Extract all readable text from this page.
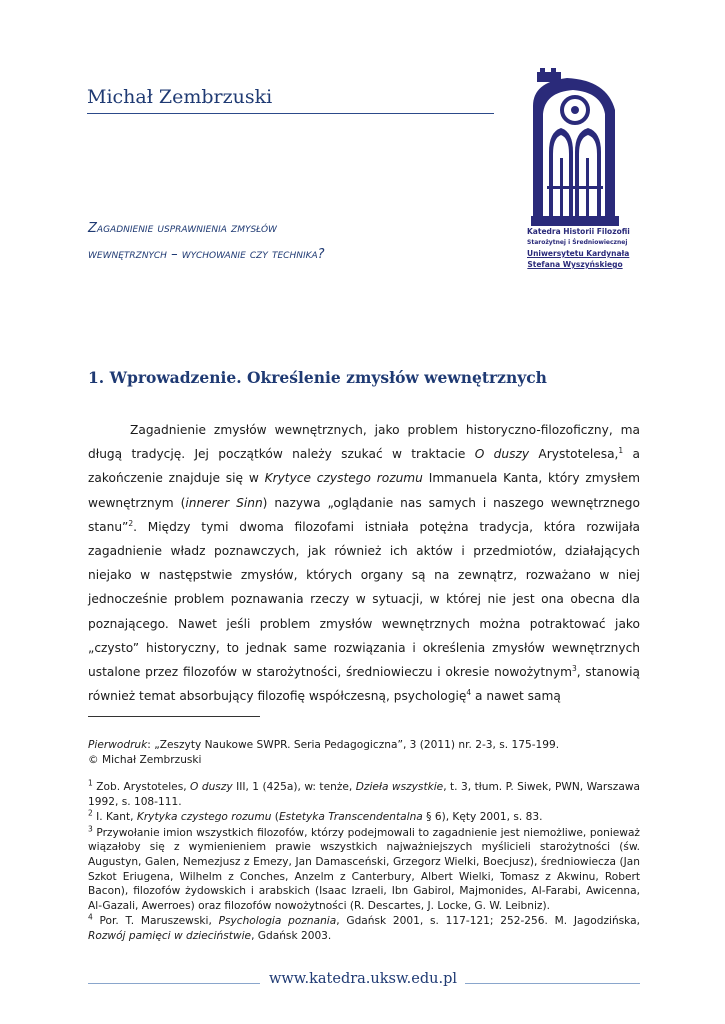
Michał Zembrzuski
Katedra Historii Filozofii
Starożytnej i Średniowiecznej
Uniwersytetu Kardynała
Stefana Wyszyńskiego
Zagadnienie usprawnienia zmysłów
wewnętrznych – wychowanie czy technika?
1. Wprowadzenie. Określenie zmysłów wewnętrznych
Zagadnienie zmysłów wewnętrznych, jako problem historyczno-filozoficzny, ma długą tradycję. Jej początków należy szukać w traktacie O duszy Arystotelesa,$^1$ a zakończenie znajduje się w Krytyce czystego rozumu Immanuela Kanta, który zmysłem wewnętrznym (innerer Sinn) nazywa „oglądanie nas samych i naszego wewnętrznego stanu”$^2$. Między tymi dwoma filozofami istniała potężna tradycja, która rozwijała zagadnienie władz poznawczych, jak również ich aktów i przedmiotów, działających niejako w następstwie zmysłów, których organy są na zewnątrz, rozważano w niej jednocześnie problem poznawania rzeczy w sytuacji, w której nie jest ona obecna dla poznającego. Nawet jeśli problem zmysłów wewnętrznych można potraktować jako „czysto” historyczny, to jednak same rozwiązania i określenia zmysłów wewnętrznych ustalone przez filozofów w starożytności, średniowieczu i okresie nowożytnym$^3$, stanowią również temat absorbujący filozofię współczesną, psychologię$^4$ a nawet samą
Pierwodruk: „Zeszyty Naukowe SWPR. Seria Pedagogiczna”, 3 (2011) nr. 2-3, s. 175-199.
© Michał Zembrzuski

$^1$ Zob. Arystoteles, O duszy III, 1 (425a), w: tenże, Dzieła wszystkie, t. 3, tłum. P. Siwek, PWN, Warszawa 1992, s. 108-111.

$^2$ I. Kant, Krytyka czystego rozumu (Estetyka Transcendentalna § 6), Kęty 2001, s. 83.

$^3$ Przywołanie imion wszystkich filozofów, którzy podejmowali to zagadnienie jest niemożliwe, ponieważ wiązałoby się z wymienieniem prawie wszystkich najważniejszych myślicieli starożytności (św. Augustyn, Galen, Nemezjusz z Emezy, Jan Damasceński, Grzegorz Wielki, Boecjusz), średniowiecza (Jan Szkot Eriugena, Wilhelm z Conches, Anzelm z Canterbury, Albert Wielki, Tomasz z Akwinu, Robert Bacon), filozofów żydowskich i arabskich (Isaac Izraeli, Ibn Gabirol, Majmonides, Al-Farabi, Awicenna, Al-Gazali, Awerroes) oraz filozofów nowożytności (R. Descartes, J. Locke, G. W. Leibniz).

$^4$ Por. T. Maruszewski, Psychologia poznania, Gdańsk 2001, s. 117-121; 252-256. M. Jagodzińska, Rozwój pamięci w dzieciństwie, Gdańsk 2003.

www.katedra.uksw.edu.pl
